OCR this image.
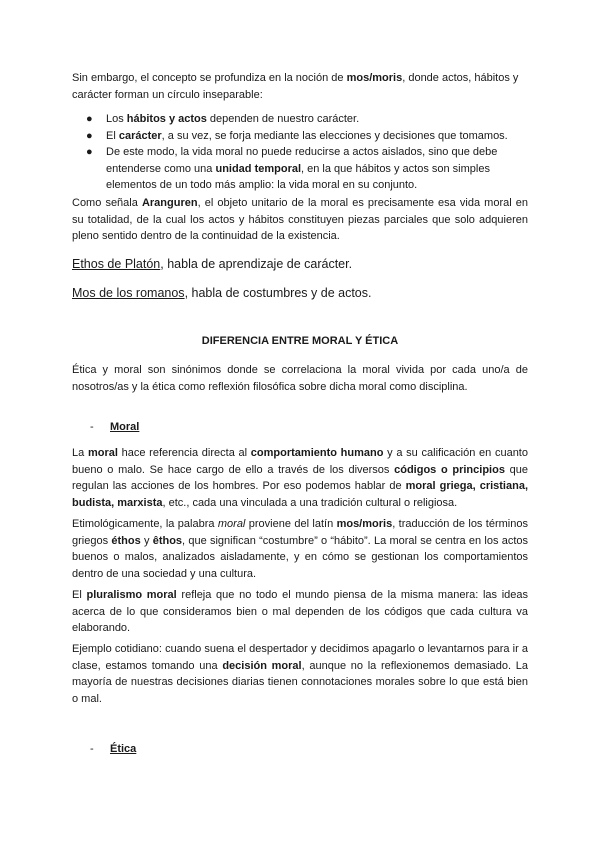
Sin embargo, el concepto se profundiza en la noción de mos/moris, donde actos, hábitos y carácter forman un círculo inseparable:

● Los hábitos y actos dependen de nuestro carácter.
● El carácter, a su vez, se forja mediante las elecciones y decisiones que tomamos.
● De este modo, la vida moral no puede reducirse a actos aislados, sino que debe entenderse como una unidad temporal, en la que hábitos y actos son simples elementos de un todo más amplio: la vida moral en su conjunto.

Como señala Aranguren, el objeto unitario de la moral es precisamente esa vida moral en su totalidad, de la cual los actos y hábitos constituyen piezas parciales que solo adquieren pleno sentido dentro de la continuidad de la existencia.

Ethos de Platón, habla de aprendizaje de carácter.
Mos de los romanos, habla de costumbres y de actos.
DIFERENCIA ENTRE MORAL Y ÉTICA

Ética y moral son sinónimos donde se correlaciona la moral vivida por cada uno/a de nosotros/as y la ética como reflexión filosófica sobre dicha moral como disciplina.

- Moral

La moral hace referencia directa al comportamiento humano y a su calificación en cuanto bueno o malo. Se hace cargo de ello a través de los diversos códigos o principios que regulan las acciones de los hombres. Por eso podemos hablar de moral griega, cristiana, budista, marxista, etc., cada una vinculada a una tradición cultural o religiosa.

Etimológicamente, la palabra moral proviene del latín mos/moris, traducción de los términos griegos éthos y êthos, que significan “costumbre” o “hábito”. La moral se centra en los actos buenos o malos, analizados aisladamente, y en cómo se gestionan los comportamientos dentro de una sociedad y una cultura.

El pluralismo moral refleja que no todo el mundo piensa de la misma manera: las ideas acerca de lo que consideramos bien o mal dependen de los códigos que cada cultura va elaborando.

Ejemplo cotidiano: cuando suena el despertador y decidimos apagarlo o levantarnos para ir a clase, estamos tomando una decisión moral, aunque no la reflexionemos demasiado. La mayoría de nuestras decisiones diarias tienen connotaciones morales sobre lo que está bien o mal.

- Ética
